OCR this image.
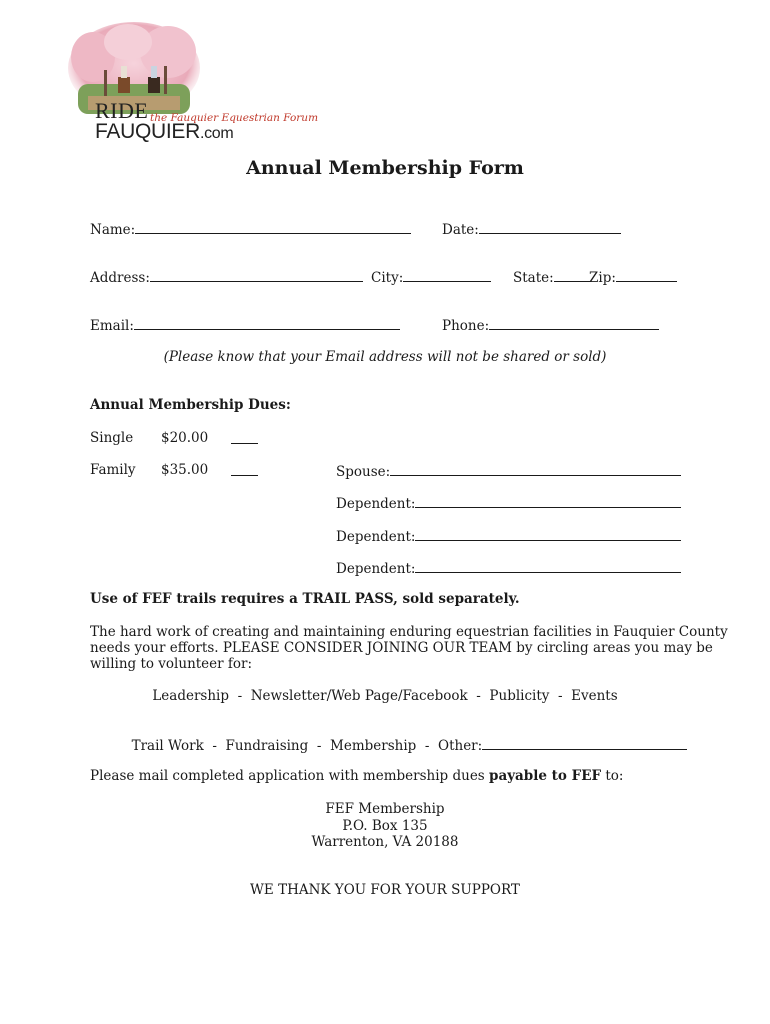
RIDE the Fauquier Equestrian Forum
FAUQUIER.com
Annual Membership Form
Name:	Date:
Address:	City:	State:	Zip:
Email:	Phone:
(Please know that your Email address will not be shared or sold)
Annual Membership Dues:
Single $20.00
Family $35.00	Spouse:
Dependent:
Dependent:
Dependent:
Use of FEF trails requires a TRAIL PASS, sold separately.
The hard work of creating and maintaining enduring equestrian facilities in Fauquier County
needs your efforts. PLEASE CONSIDER JOINING OUR TEAM by circling areas you may be
willing to volunteer for:
Leadership  -  Newsletter/Web Page/Facebook  -  Publicity  -  Events

Trail Work  -  Fundraising  -  Membership  -  Other:

Please mail completed application with membership dues payable to FEF to:
FEF Membership
P.O. Box 135
Warrenton, VA 20188
WE THANK YOU FOR YOUR SUPPORT
